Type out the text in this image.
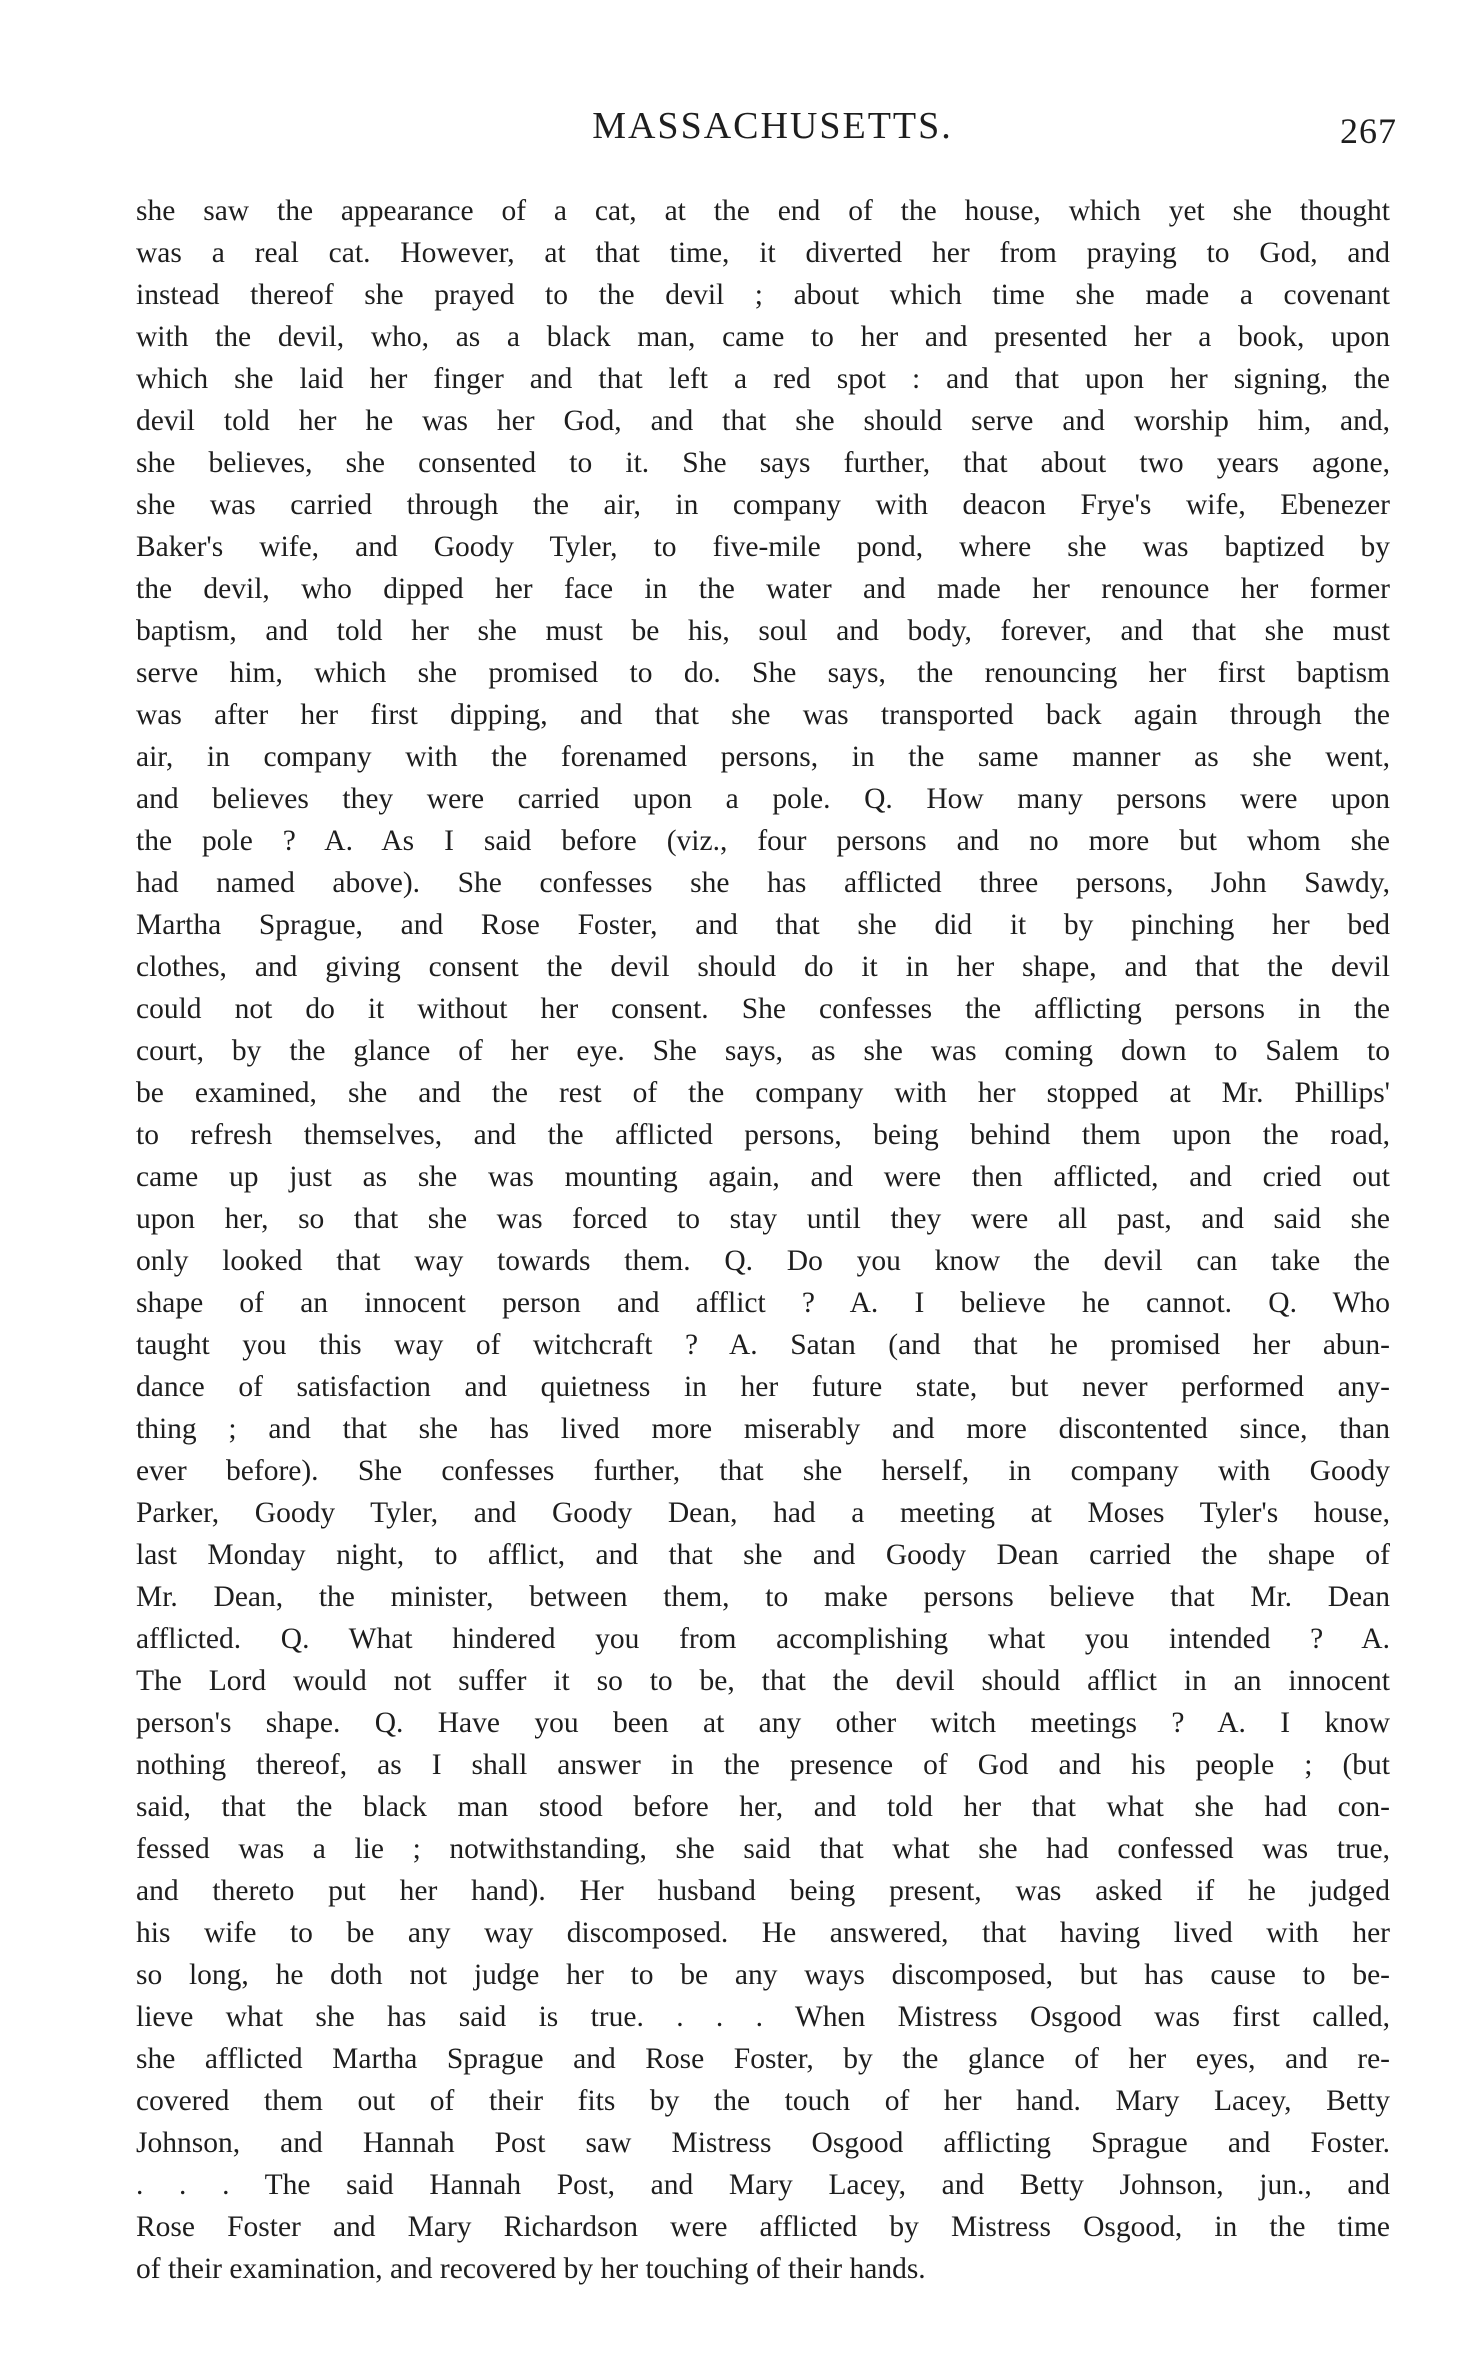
MASSACHUSETTS.	267
she saw the appearance of a cat, at the end of the house, which yet she thought
was a real cat. However, at that time, it diverted her from praying to God, and
instead thereof she prayed to the devil ; about which time she made a covenant
with the devil, who, as a black man, came to her and presented her a book, upon
which she laid her finger and that left a red spot : and that upon her signing, the
devil told her he was her God, and that she should serve and worship him, and,
she believes, she consented to it. She says further, that about two years agone,
she was carried through the air, in company with deacon Frye's wife, Ebenezer
Baker's wife, and Goody Tyler, to five-mile pond, where she was baptized by
the devil, who dipped her face in the water and made her renounce her former
baptism, and told her she must be his, soul and body, forever, and that she must
serve him, which she promised to do. She says, the renouncing her first baptism
was after her first dipping, and that she was transported back again through the
air, in company with the forenamed persons, in the same manner as she went,
and believes they were carried upon a pole. Q. How many persons were upon
the pole ? A. As I said before (viz., four persons and no more but whom she
had named above). She confesses she has afflicted three persons, John Sawdy,
Martha Sprague, and Rose Foster, and that she did it by pinching her bed
clothes, and giving consent the devil should do it in her shape, and that the devil
could not do it without her consent. She confesses the afflicting persons in the
court, by the glance of her eye. She says, as she was coming down to Salem to
be examined, she and the rest of the company with her stopped at Mr. Phillips'
to refresh themselves, and the afflicted persons, being behind them upon the road,
came up just as she was mounting again, and were then afflicted, and cried out
upon her, so that she was forced to stay until they were all past, and said she
only looked that way towards them. Q. Do you know the devil can take the
shape of an innocent person and afflict ? A. I believe he cannot. Q. Who
taught you this way of witchcraft ? A. Satan (and that he promised her abun-
dance of satisfaction and quietness in her future state, but never performed any-
thing ; and that she has lived more miserably and more discontented since, than
ever before). She confesses further, that she herself, in company with Goody
Parker, Goody Tyler, and Goody Dean, had a meeting at Moses Tyler's house,
last Monday night, to afflict, and that she and Goody Dean carried the shape of
Mr. Dean, the minister, between them, to make persons believe that Mr. Dean
afflicted. Q. What hindered you from accomplishing what you intended ? A.
The Lord would not suffer it so to be, that the devil should afflict in an innocent
person's shape. Q. Have you been at any other witch meetings ? A. I know
nothing thereof, as I shall answer in the presence of God and his people ; (but
said, that the black man stood before her, and told her that what she had con-
fessed was a lie ; notwithstanding, she said that what she had confessed was true,
and thereto put her hand). Her husband being present, was asked if he judged
his wife to be any way discomposed. He answered, that having lived with her
so long, he doth not judge her to be any ways discomposed, but has cause to be-
lieve what she has said is true. . . . When Mistress Osgood was first called,
she afflicted Martha Sprague and Rose Foster, by the glance of her eyes, and re-
covered them out of their fits by the touch of her hand. Mary Lacey, Betty
Johnson, and Hannah Post saw Mistress Osgood afflicting Sprague and Foster.
. . . The said Hannah Post, and Mary Lacey, and Betty Johnson, jun., and
Rose Foster and Mary Richardson were afflicted by Mistress Osgood, in the time
of their examination, and recovered by her touching of their hands.
